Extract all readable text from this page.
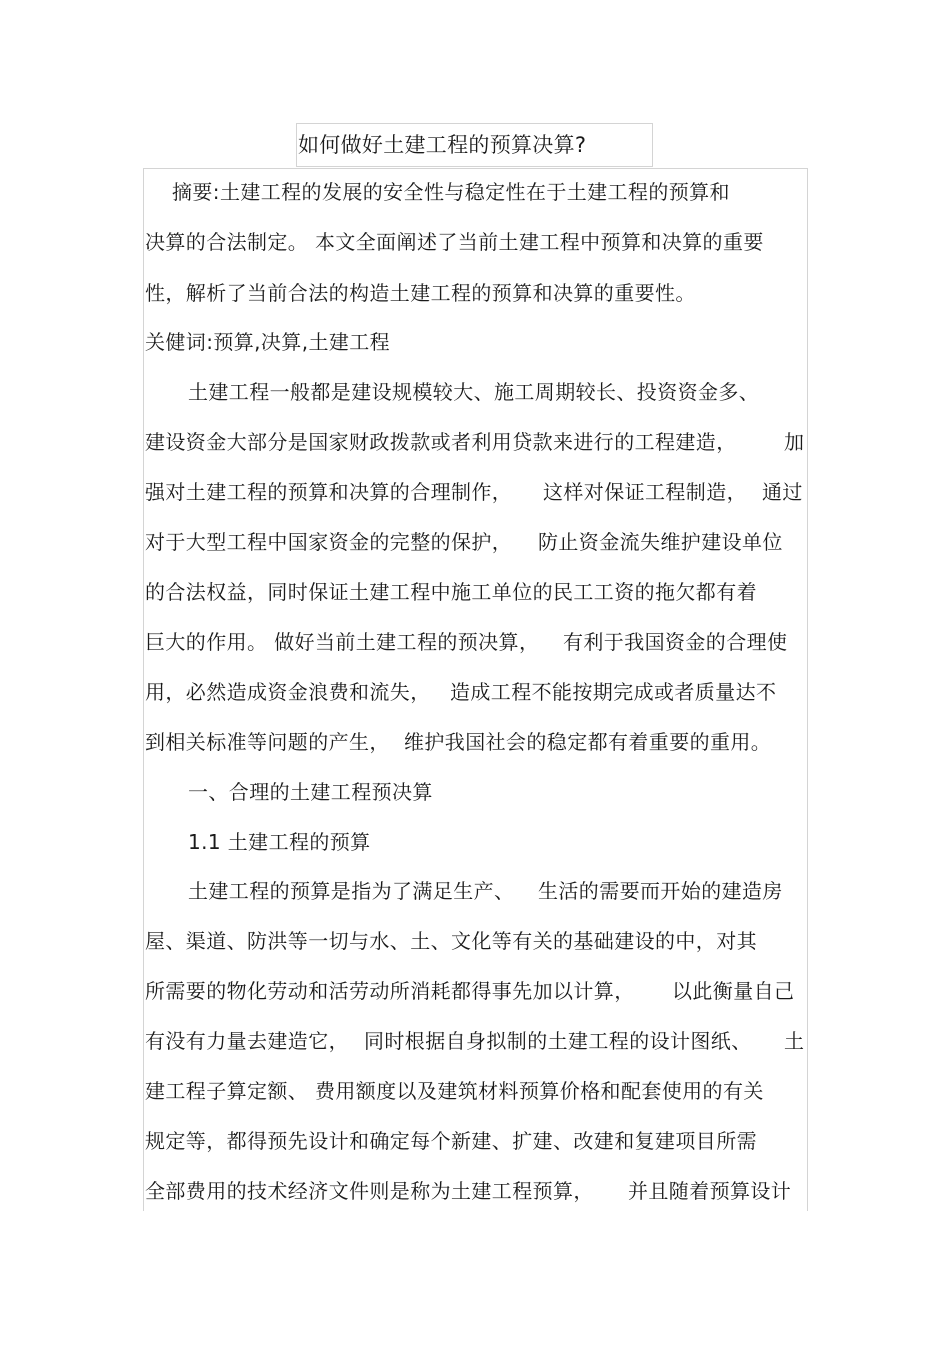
如何做好土建工程的预算决算?
摘要:土建工程的发展的安全性与稳定性在于土建工程的预算和
决算的合法制定。 本文全面阐述了当前土建工程中预算和决算的重要
性，解析了当前合法的构造土建工程的预算和决算的重要性。
关健词:预算,决算,土建工程
土建工程一般都是建设规模较大、施工周期较长、投资资金多、
建设资金大部分是国家财政拨款或者利用贷款来进行的工程建造， 加
强对土建工程的预算和决算的合理制作， 这样对保证工程制造， 通过
对于大型工程中国家资金的完整的保护， 防止资金流失维护建设单位
的合法权益，同时保证土建工程中施工单位的民工工资的拖欠都有着
巨大的作用。 做好当前土建工程的预决算， 有利于我国资金的合理使
用，必然造成资金浪费和流失， 造成工程不能按期完成或者质量达不
到相关标准等问题的产生， 维护我国社会的稳定都有着重要的重用。
一、合理的土建工程预决算
1.1 土建工程的预算
土建工程的预算是指为了满足生产、 生活的需要而开始的建造房
屋、渠道、防洪等一切与水、土、文化等有关的基础建设的中，对其
所需要的物化劳动和活劳动所消耗都得事先加以计算， 以此衡量自己
有没有力量去建造它， 同时根据自身拟制的土建工程的设计图纸、 土
建工程子算定额、 费用额度以及建筑材料预算价格和配套使用的有关
规定等，都得预先设计和确定每个新建、扩建、改建和复建项目所需
全部费用的技术经济文件则是称为土建工程预算， 并且随着预算设计
